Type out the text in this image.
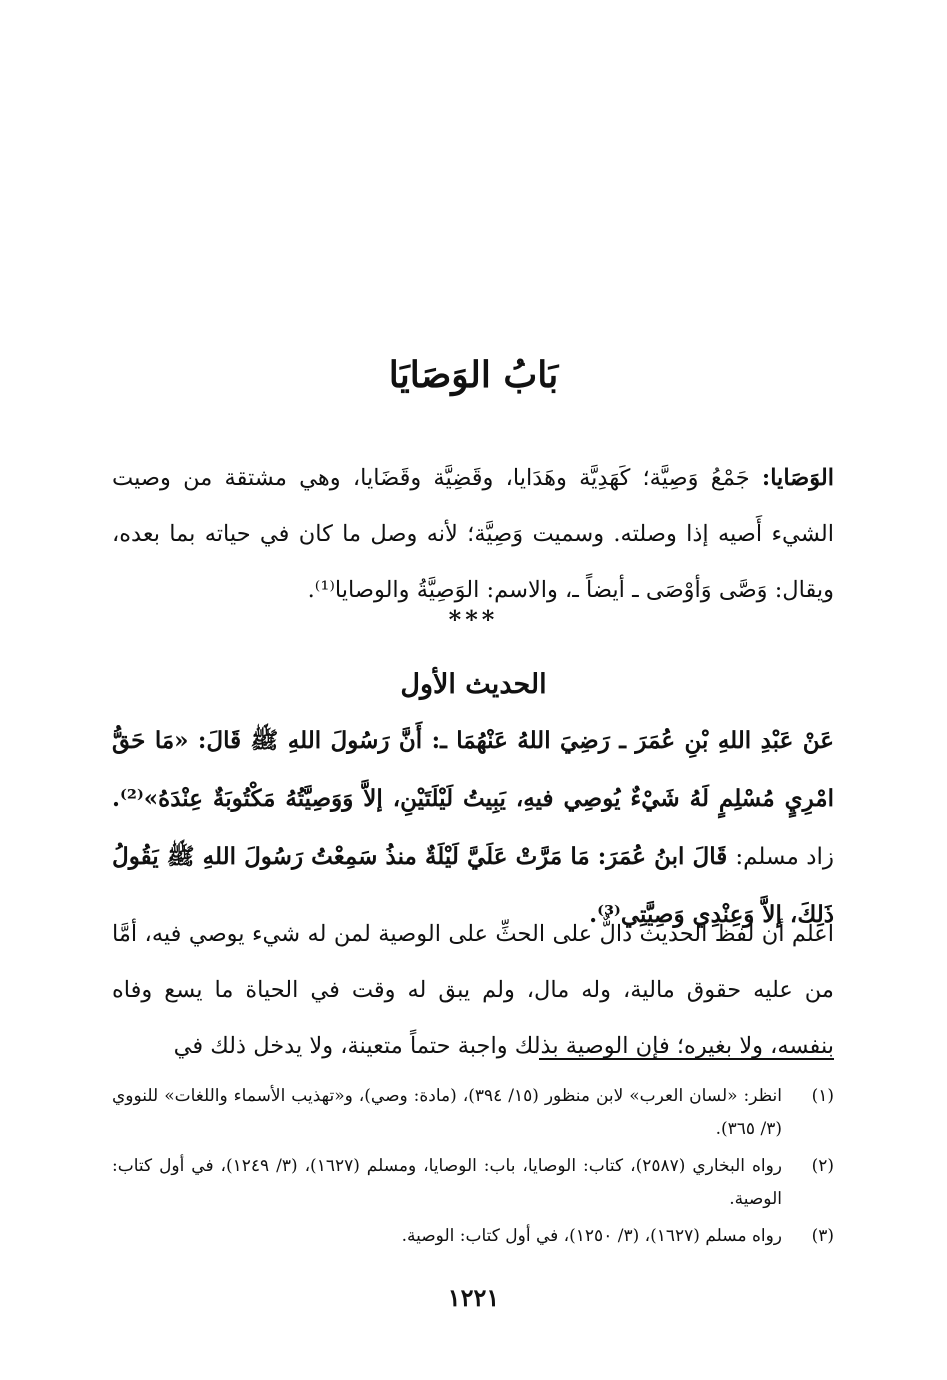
بَابُ الوَصَايَا
الوَصَايا: جَمْعُ وَصِيَّة؛ كَهَدِيَّة وهَدَايا، وقَضِيَّة وقَضَايا، وهي مشتقة من وصيت الشيء أَصيه إذا وصلته. وسميت وَصِيَّة؛ لأنه وصل ما كان في حياته بما بعده، ويقال: وَصَّى وَأوْصَى ـ أيضاً ـ، والاسم: الوَصِيَّةُ والوصايا⁽¹⁾.
***
الحديث الأول
عَنْ عَبْدِ اللهِ بْنِ عُمَرَ ـ رَضِيَ اللهُ عَنْهُمَا ـ: أَنَّ رَسُولَ اللهِ ﷺ قَالَ: «مَا حَقُّ امْرِيٍ مُسْلِمٍ لَهُ شَيْءٌ يُوصِي فيهِ، يَبِيتُ لَيْلَتَيْنِ، إلاَّ وَوَصِيَّتُهُ مَكْتُوبَةٌ عِنْدَهُ»⁽²⁾. زاد مسلم: قَالَ ابنُ عُمَرَ: مَا مَرَّتْ عَلَيَّ لَيْلَةٌ منذُ سَمِعْتُ رَسُولَ اللهِ ﷺ يَقُولُ ذَلِكَ، إلاَّ وَعِنْدِي وَصِيَّتِي⁽³⁾.
اعلم أن لفظ الحديث دالٌّ على الحثِّ على الوصية لمن له شيء يوصي فيه، أمَّا من عليه حقوق مالية، وله مال، ولم يبق له وقت في الحياة ما يسع وفاه بنفسه، ولا بغيره؛ فإن الوصية بذلك واجبة حتماً متعينة، ولا يدخل ذلك في
(١)
انظر: «لسان العرب» لابن منظور (١٥/ ٣٩٤)، (مادة: وصي)، و«تهذيب الأسماء واللغات» للنووي (٣/ ٣٦٥).
(٢)
رواه البخاري (٢٥٨٧)، كتاب: الوصايا، باب: الوصايا، ومسلم (١٦٢٧)، (٣/ ١٢٤٩)، في أول كتاب: الوصية.
(٣)
رواه مسلم (١٦٢٧)، (٣/ ١٢٥٠)، في أول كتاب: الوصية.
١٢٢١
